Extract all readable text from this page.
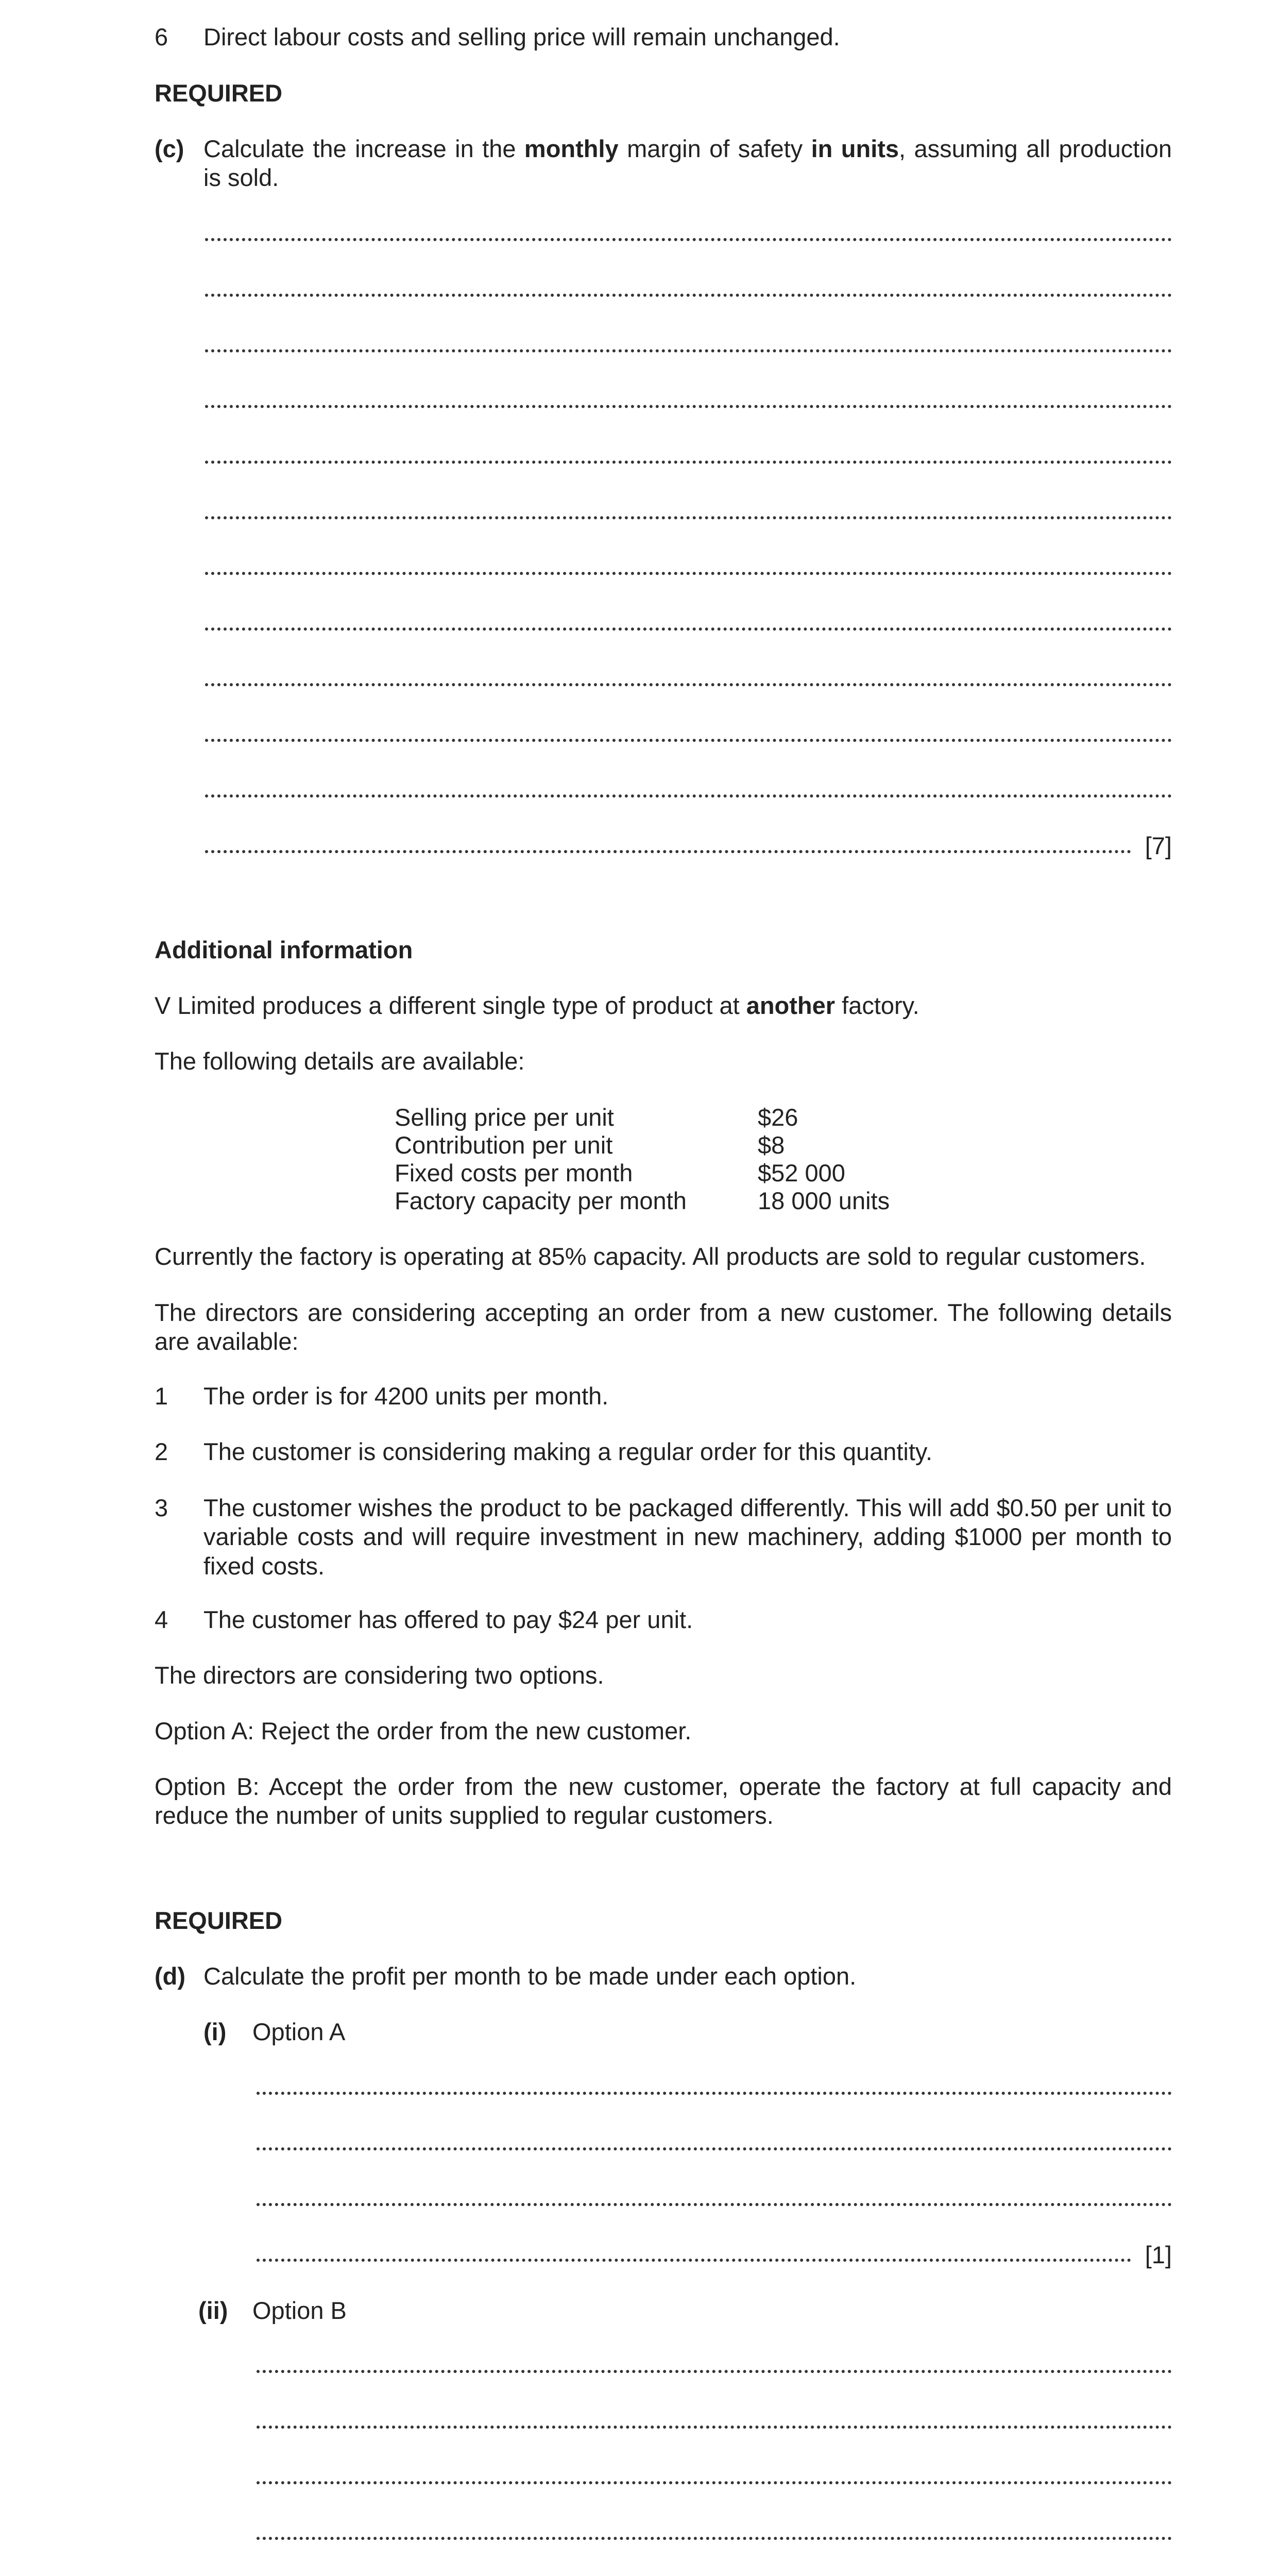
6 Direct labour costs and selling price will remain unchanged.
REQUIRED
(c) Calculate the increase in the monthly margin of safety in units, assuming all production is sold.
[7]
Additional information
V Limited produces a different single type of product at another factory.
The following details are available:
Selling price per unit	$26
Contribution per unit	$8
Fixed costs per month	$52 000
Factory capacity per month	18 000 units
Currently the factory is operating at 85% capacity. All products are sold to regular customers.
The directors are considering accepting an order from a new customer. The following details are available:
1 The order is for 4200 units per month.
2 The customer is considering making a regular order for this quantity.
3 The customer wishes the product to be packaged differently. This will add $0.50 per unit to variable costs and will require investment in new machinery, adding $1000 per month to fixed costs.
4 The customer has offered to pay $24 per unit.
The directors are considering two options.
Option A: Reject the order from the new customer.
Option B: Accept the order from the new customer, operate the factory at full capacity and reduce the number of units supplied to regular customers.
REQUIRED
(d) Calculate the profit per month to be made under each option.
(i) Option A
[1]
(ii) Option B
